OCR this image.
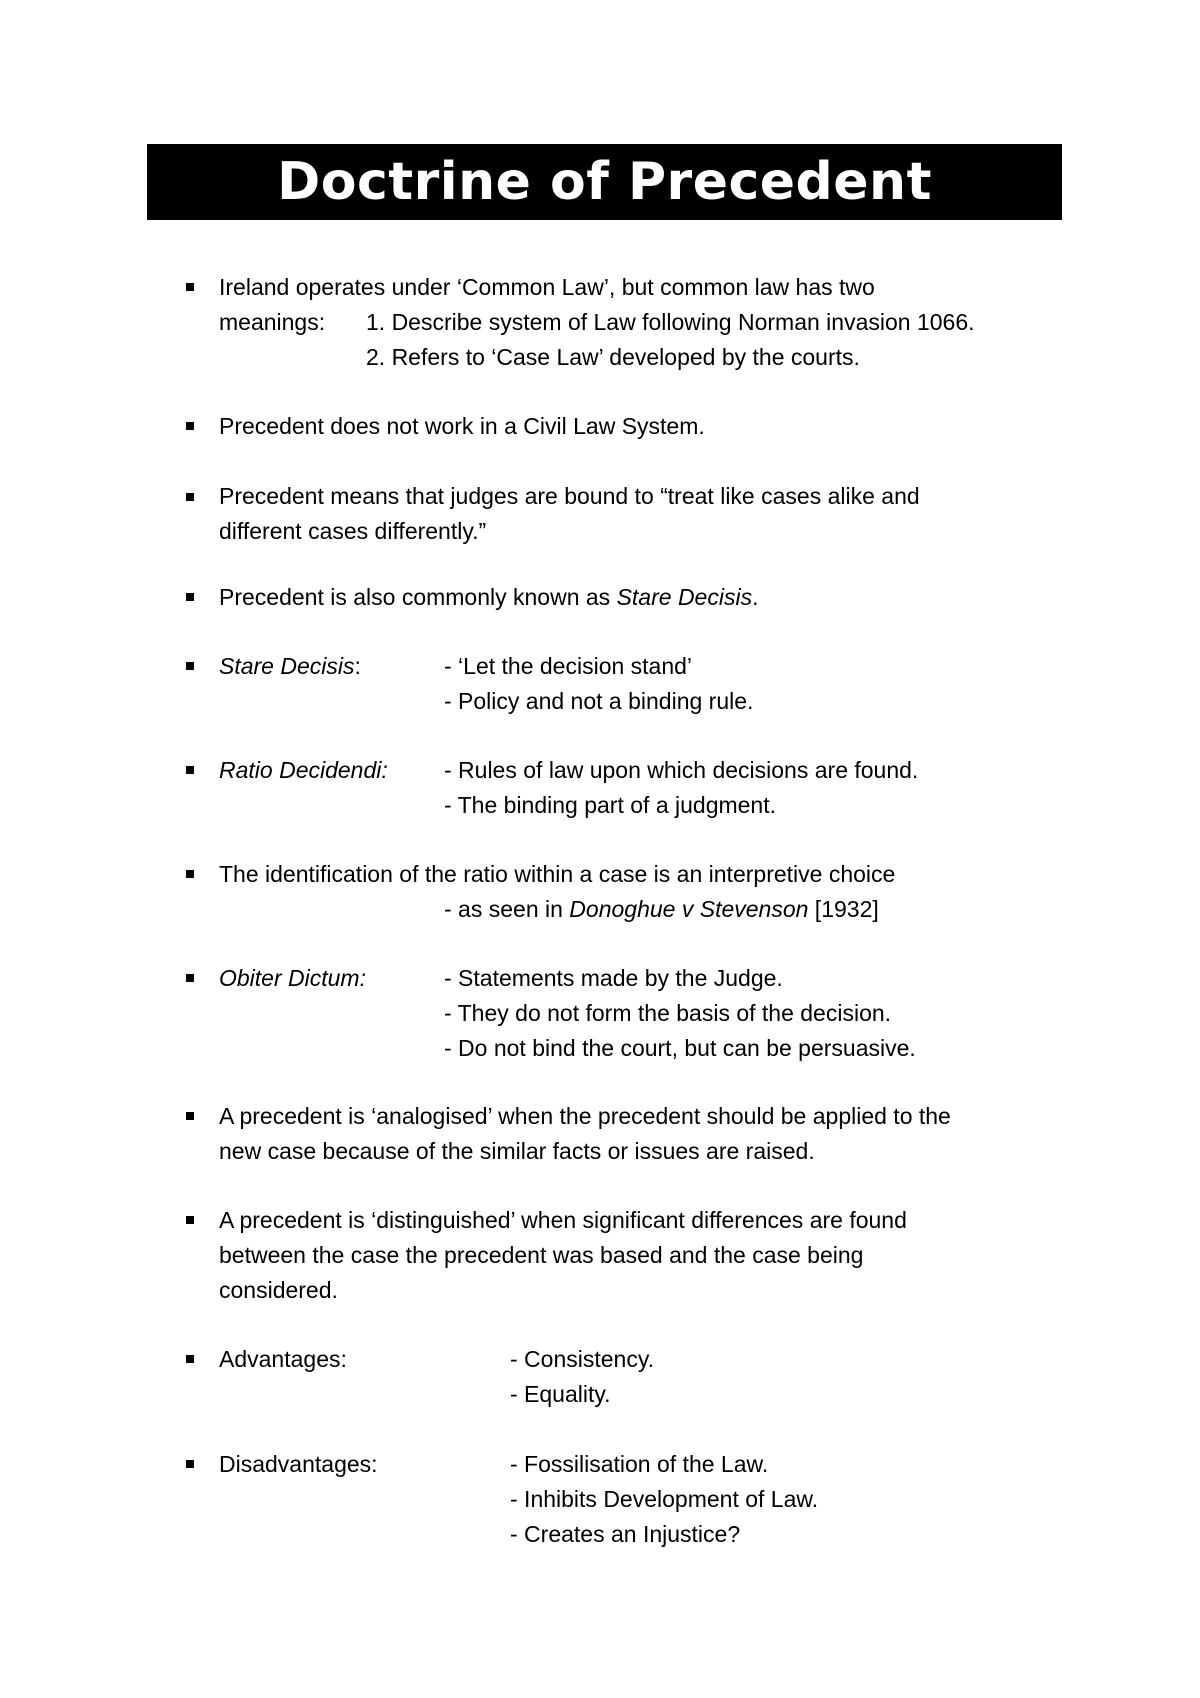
Doctrine of Precedent
Ireland operates under ‘Common Law’, but common law has two
meanings: 1. Describe system of Law following Norman invasion 1066.
2. Refers to ‘Case Law’ developed by the courts.
Precedent does not work in a Civil Law System.
Precedent means that judges are bound to “treat like cases alike and
different cases differently.”
Precedent is also commonly known as Stare Decisis.
Stare Decisis:	- ‘Let the decision stand’
- Policy and not a binding rule.
Ratio Decidendi: - Rules of law upon which decisions are found.
- The binding part of a judgment.
The identification of the ratio within a case is an interpretive choice
- as seen in Donoghue v Stevenson [1932]
Obiter Dictum:	- Statements made by the Judge.
- They do not form the basis of the decision.
- Do not bind the court, but can be persuasive.
A precedent is ‘analogised’ when the precedent should be applied to the
new case because of the similar facts or issues are raised.
A precedent is ‘distinguished’ when significant differences are found
between the case the precedent was based and the case being
considered.
Advantages:	- Consistency.
- Equality.
Disadvantages:	- Fossilisation of the Law.
- Inhibits Development of Law.
- Creates an Injustice?
